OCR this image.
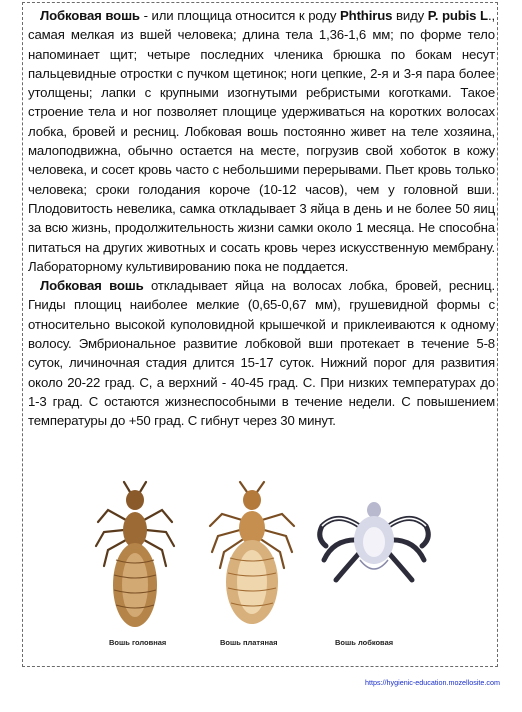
Лобковая вошь - или площица относится к роду Phthirus виду P. pubis L., самая мелкая из вшей человека; длина тела 1,36-1,6 мм; по форме тело напоминает щит; четыре последних членика брюшка по бокам несут пальцевидные отростки с пучком щетинок; ноги цепкие, 2-я и 3-я пара более утолщены; лапки с крупными изогнутыми ребристыми коготками. Такое строение тела и ног позволяет площице удерживаться на коротких волосах лобка, бровей и ресниц. Лобковая вошь постоянно живет на теле хозяина, малоподвижна, обычно остается на месте, погрузив свой хоботок в кожу человека, и сосет кровь часто с небольшими перерывами. Пьет кровь только человека; сроки голодания короче (10-12 часов), чем у головной вши. Плодовитость невелика, самка откладывает 3 яйца в день и не более 50 яиц за всю жизнь, продолжительность жизни самки около 1 месяца. Не способна питаться на других животных и сосать кровь через искусственную мембрану. Лабораторному культивированию пока не поддается.

Лобковая вошь откладывает яйца на волосах лобка, бровей, ресниц. Гниды площиц наиболее мелкие (0,65-0,67 мм), грушевидной формы с относительно высокой куполовидной крышечкой и приклеиваются к одному волосу. Эмбриональное развитие лобковой вши протекает в течение 5-8 суток, личиночная стадия длится 15-17 суток. Нижний порог для развития около 20-22 град. С, а верхний - 40-45 град. С. При низких температурах до 1-3 град. С остаются жизнеспособными в течение недели. С повышением температуры до +50 град. С гибнут через 30 минут.

Вошь головная	Вошь платяная	Вошь лобковая
https://hygienic-education.mozellosite.com
